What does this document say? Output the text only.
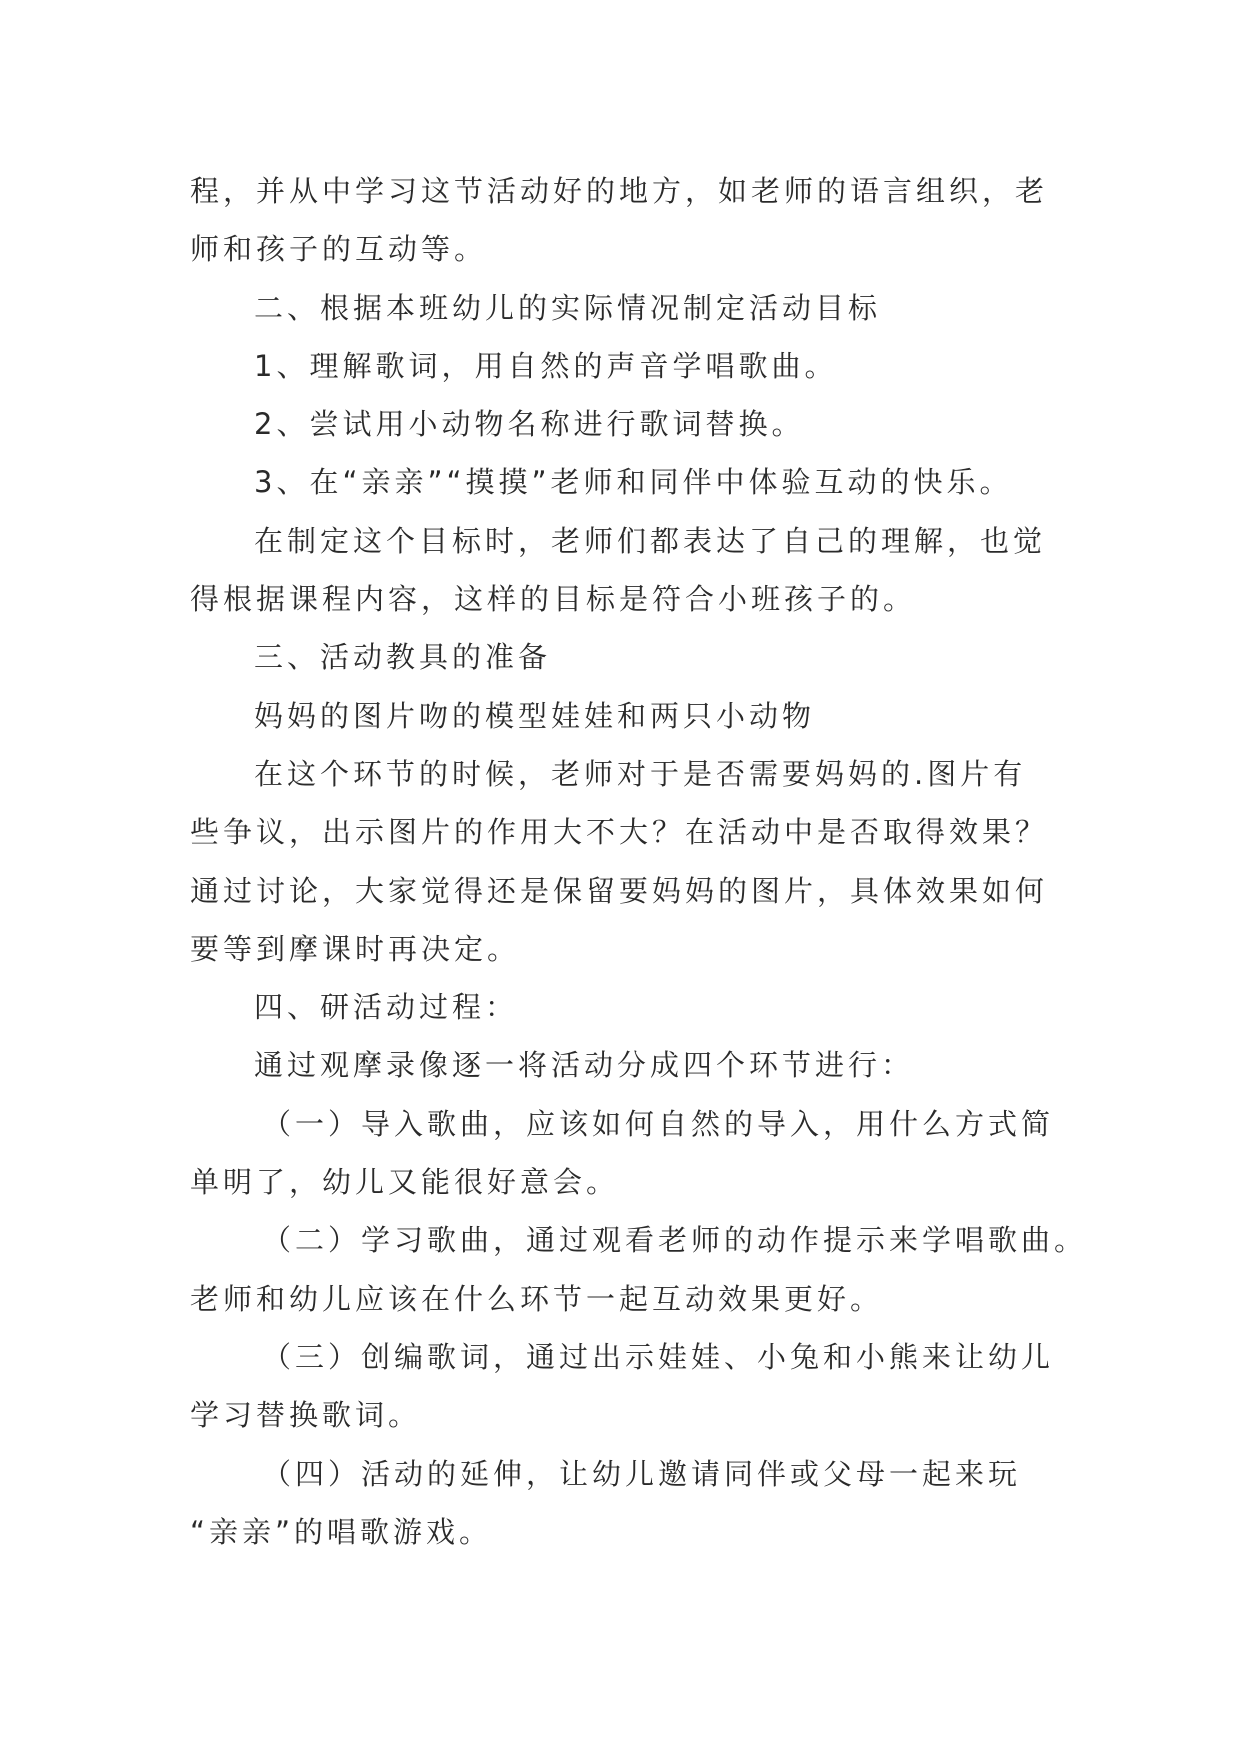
程，并从中学习这节活动好的地方，如老师的语言组织，老
师和孩子的互动等。
二、根据本班幼儿的实际情况制定活动目标
1、理解歌词，用自然的声音学唱歌曲。
2、尝试用小动物名称进行歌词替换。
3、在“亲亲”“摸摸”老师和同伴中体验互动的快乐。
在制定这个目标时，老师们都表达了自己的理解，也觉
得根据课程内容，这样的目标是符合小班孩子的。
三、活动教具的准备
妈妈的图片吻的模型娃娃和两只小动物
在这个环节的时候，老师对于是否需要妈妈的.图片有
些争议，出示图片的作用大不大？在活动中是否取得效果？
通过讨论，大家觉得还是保留要妈妈的图片，具体效果如何
要等到摩课时再决定。
四、研活动过程：
通过观摩录像逐一将活动分成四个环节进行：
（一）导入歌曲，应该如何自然的导入，用什么方式简
单明了，幼儿又能很好意会。
（二）学习歌曲，通过观看老师的动作提示来学唱歌曲。
老师和幼儿应该在什么环节一起互动效果更好。
（三）创编歌词，通过出示娃娃、小兔和小熊来让幼儿
学习替换歌词。
（四）活动的延伸，让幼儿邀请同伴或父母一起来玩
“亲亲”的唱歌游戏。
